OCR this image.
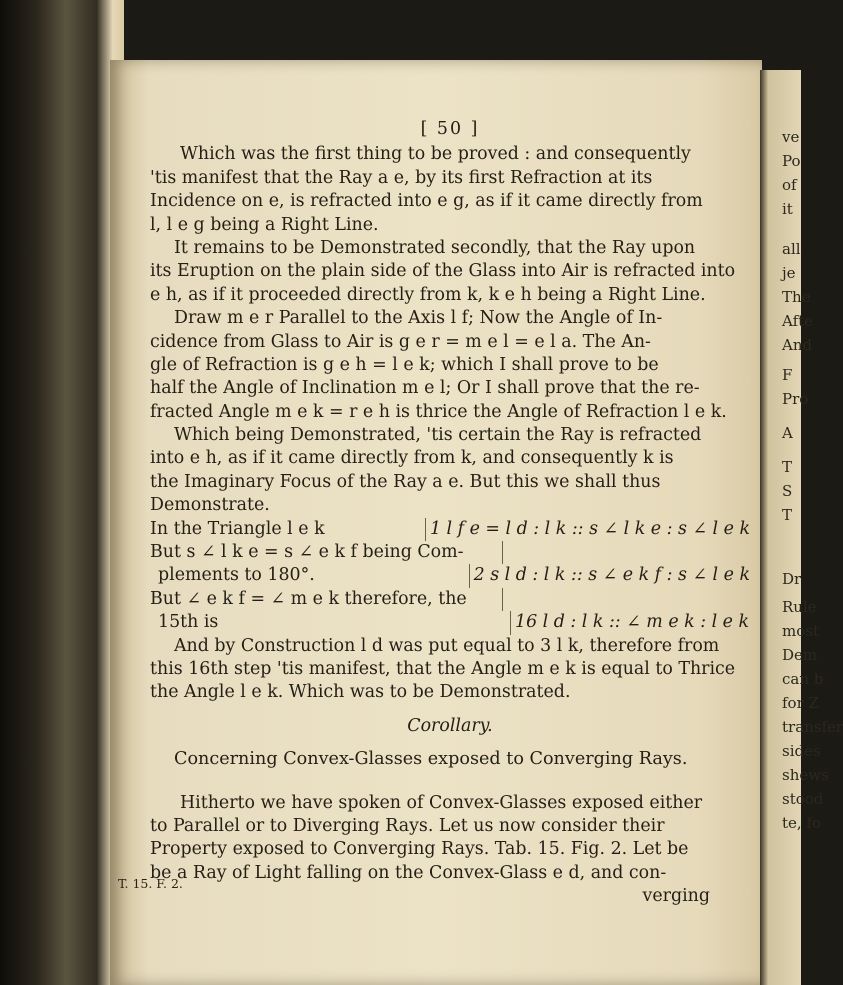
ve
Po
of
it
all
je
The
Afte
And
F
Pro
A
T
S
T
Dr
Rule
most
Dem
can b
for Z
transfer
sides
shews
stood
te, fo
[ 50 ]
Which was the first thing to be proved : and consequently
'tis manifest that the Ray a e, by its first Refraction at its
Incidence on e, is refracted into e g, as if it came directly from
l, l e g being a Right Line.
It remains to be Demonstrated secondly, that the Ray upon
its Eruption on the plain side of the Glass into Air is refracted into
e h, as if it proceeded directly from k, k e h being a Right Line.
Draw m e r Parallel to the Axis l f; Now the Angle of In-
cidence from Glass to Air is g e r = m e l = e l a. The An-
gle of Refraction is g e h = l e k; which I shall prove to be
half the Angle of Inclination m e l; Or I shall prove that the re-
fracted Angle m e k = r e h is thrice the Angle of Refraction l e k.
Which being Demonstrated, 'tis certain the Ray is refracted
into e h, as if it came directly from k, and consequently k is
the Imaginary Focus of the Ray a e. But this we shall thus
Demonstrate.
In the Triangle l e k	1 l f e = l d : l k :: s ∠ l k e : s ∠ l e k
But s ∠ l k e = s ∠ e k f being Com-
plements to 180°.	2 s l d : l k :: s ∠ e k f : s ∠ l e k
But ∠ e k f = ∠ m e k therefore, the
15th is	16 l d : l k :: ∠ m e k : l e k
And by Construction l d was put equal to 3 l k, therefore from
this 16th step 'tis manifest, that the Angle m e k is equal to Thrice
the Angle l e k. Which was to be Demonstrated.
Corollary.
Concerning Convex-Glasses exposed to Converging Rays.
Hitherto we have spoken of Convex-Glasses exposed either
to Parallel or to Diverging Rays. Let us now consider their
Property exposed to Converging Rays. Tab. 15. Fig. 2. Let be
be a Ray of Light falling on the Convex-Glass e d, and con-
verging
T. 15. F. 2.
